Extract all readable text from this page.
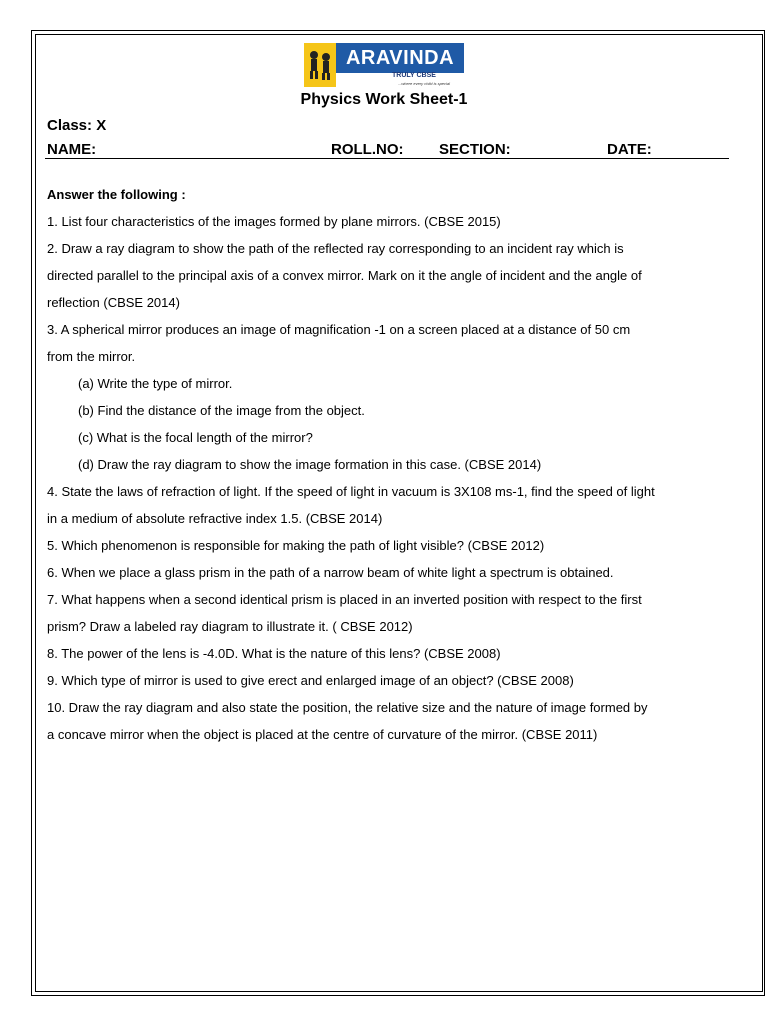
ARAVINDA
TRULY CBSE
...where every child is special
Physics Work Sheet-1
Class: X
NAME:	ROLL.NO: SECTION:	DATE:

Answer the following :

1. List four characteristics of the images formed by plane mirrors. (CBSE 2015)

2. Draw a ray diagram to show the path of the reflected ray corresponding to an incident ray which is

directed parallel to the principal axis of a convex mirror. Mark on it the angle of incident and the angle of

reflection (CBSE 2014)

3. A spherical mirror produces an image of magnification -1 on a screen placed at a distance of 50 cm

from the mirror.

(a) Write the type of mirror.

(b) Find the distance of the image from the object.

(c) What is the focal length of the mirror?

(d) Draw the ray diagram to show the image formation in this case. (CBSE 2014)

4. State the laws of refraction of light. If the speed of light in vacuum is 3X108 ms-1, find the speed of light

in a medium of absolute refractive index 1.5. (CBSE 2014)

5. Which phenomenon is responsible for making the path of light visible? (CBSE 2012)

6. When we place a glass prism in the path of a narrow beam of white light a spectrum is obtained.

7. What happens when a second identical prism is placed in an inverted position with respect to the first

prism? Draw a labeled ray diagram to illustrate it. ( CBSE 2012)

8. The power of the lens is -4.0D. What is the nature of this lens? (CBSE 2008)

9. Which type of mirror is used to give erect and enlarged image of an object? (CBSE 2008)

10. Draw the ray diagram and also state the position, the relative size and the nature of image formed by

a concave mirror when the object is placed at the centre of curvature of the mirror. (CBSE 2011)
